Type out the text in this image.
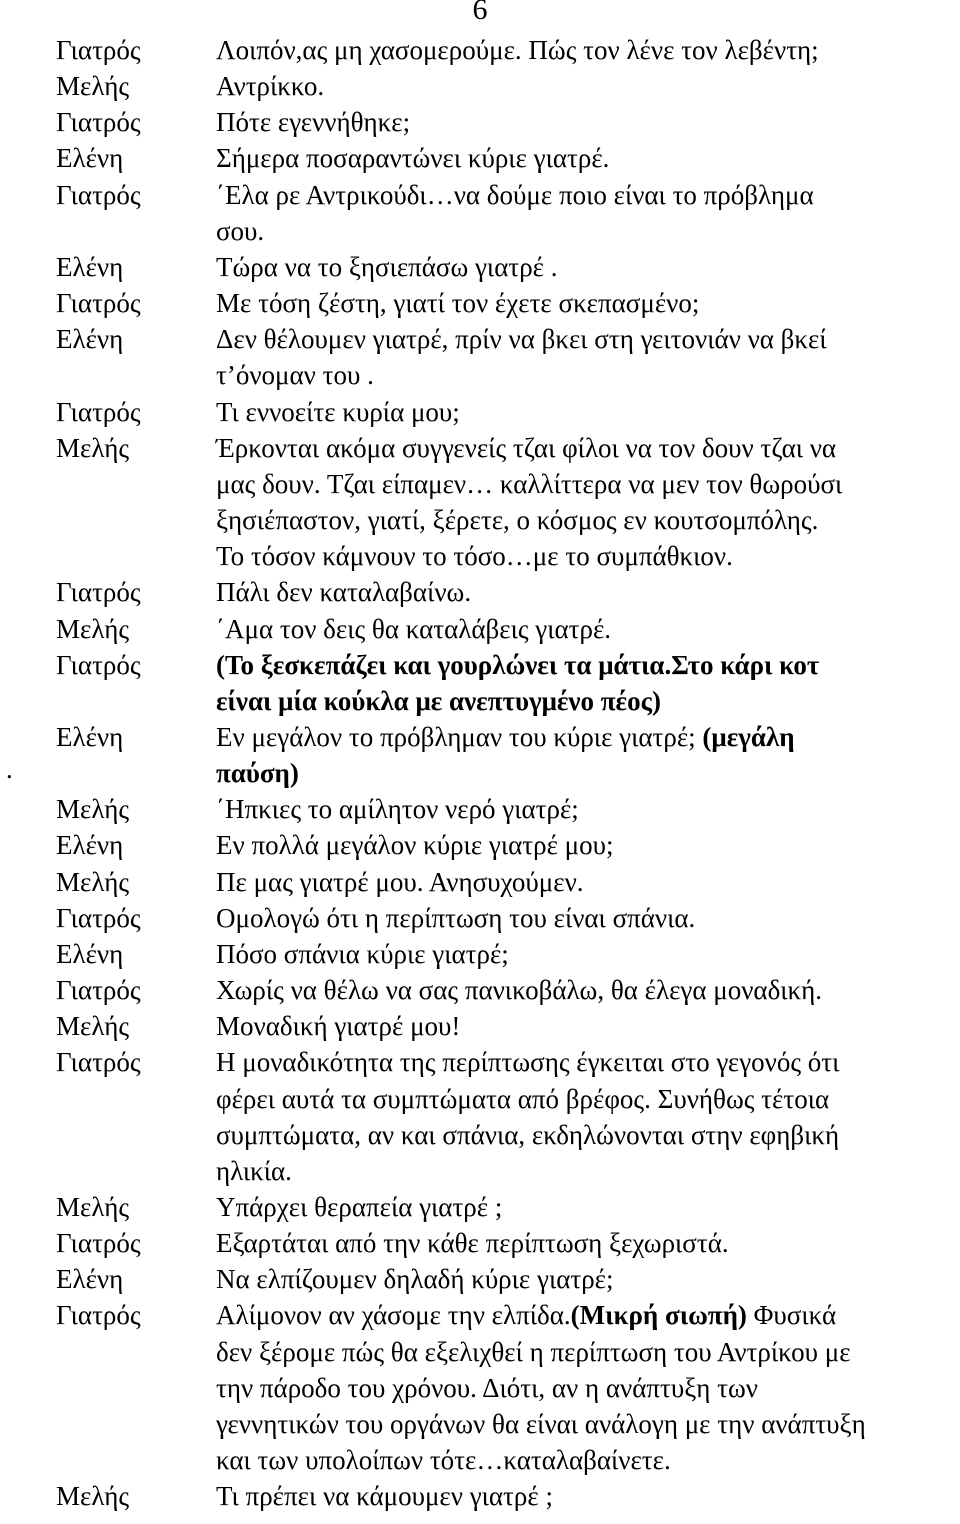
6
.
Γιατρός	Λοιπόν,ας μη χασομερούμε. Πώς τον λένε τον λεβέντη;
Μελής	Αντρίκκο.
Γιατρός	Πότε εγεννήθηκε;
Ελένη	Σήμερα ποσαραντώνει κύριε γιατρέ.
Γιατρός	΄Ελα ρε Αντρικούδι…να δούμε ποιο είναι το πρόβλημα
σου.
Ελένη	Τώρα να το ξησιεπάσω γιατρέ .
Γιατρός	Με τόση ζέστη, γιατί τον έχετε σκεπασμένο;
Ελένη	Δεν θέλουμεν γιατρέ, πρίν να βκει στη γειτονιάν να βκεί
τ’όνομαν του .
Γιατρός	Τι εννοείτε κυρία μου;
Μελής	Έρκονται ακόμα συγγενείς τζαι φίλοι να τον δουν τζαι να
μας δουν. Τζαι είπαμεν… καλλίττερα να μεν τον θωρούσι
ξησιέπαστον, γιατί, ξέρετε, ο κόσμος εν κουτσομπόλης.
Το τόσον κάμνουν το τόσο…με το συμπάθκιον.
Γιατρός	Πάλι δεν καταλαβαίνω.
Μελής	΄Αμα τον δεις θα καταλάβεις γιατρέ.
Γιατρός	(Το ξεσκεπάζει και γουρλώνει τα μάτια.Στο κάρι κοτ
είναι μία κούκλα με ανεπτυγμένο πέος)
Ελένη	Εν μεγάλον το πρόβλημαν του κύριε γιατρέ; (μεγάλη
παύση)
Μελής	΄Ηπκιες το αμίλητον νερό γιατρέ;
Ελένη	Εν πολλά μεγάλον κύριε γιατρέ μου;
Μελής	Πε μας γιατρέ μου. Ανησυχούμεν.
Γιατρός	Ομολογώ ότι η περίπτωση του είναι σπάνια.
Ελένη	Πόσο σπάνια κύριε γιατρέ;
Γιατρός	Χωρίς να θέλω να σας πανικοβάλω, θα έλεγα μοναδική.
Μελής	Μοναδική γιατρέ μου!
Γιατρός	Η μοναδικότητα της περίπτωσης έγκειται στο γεγονός ότι
φέρει αυτά τα συμπτώματα από βρέφος. Συνήθως τέτοια
συμπτώματα, αν και σπάνια, εκδηλώνονται στην εφηβική
ηλικία.
Μελής	Υπάρχει θεραπεία γιατρέ ;
Γιατρός	Εξαρτάται από την κάθε περίπτωση ξεχωριστά.
Ελένη	Να ελπίζουμεν δηλαδή κύριε γιατρέ;
Γιατρός	Αλίμονον αν χάσομε την ελπίδα.(Μικρή σιωπή) Φυσικά
δεν ξέρομε πώς θα εξελιχθεί η περίπτωση του Αντρίκου με
την πάροδο του χρόνου. Διότι, αν η ανάπτυξη των
γεννητικών του οργάνων θα είναι ανάλογη με την ανάπτυξη
και των υπολοίπων τότε…καταλαβαίνετε.
Μελής	Τι πρέπει να κάμουμεν γιατρέ ;
